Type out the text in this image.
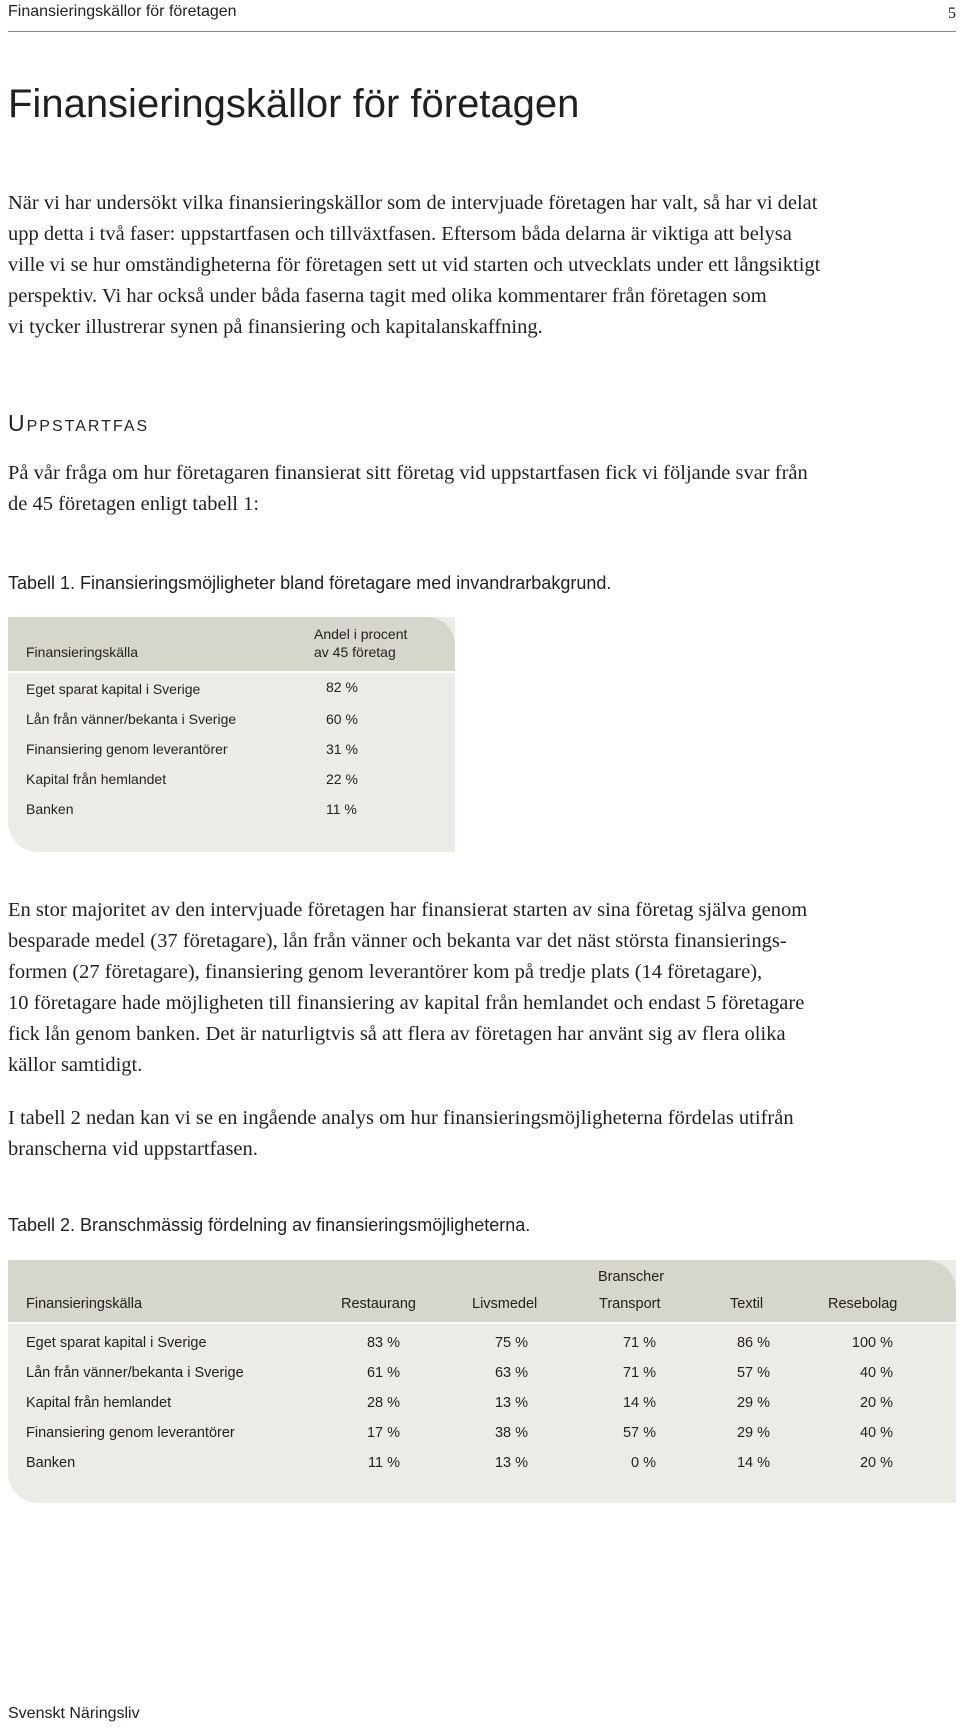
Finansieringskällor för företagen	5
Finansieringskällor för företagen

När vi har undersökt vilka finansieringskällor som de intervjuade företagen har valt, så har vi delat
upp detta i två faser: uppstartfasen och tillväxtfasen. Eftersom båda delarna är viktiga att belysa
ville vi se hur omständigheterna för företagen sett ut vid starten och utvecklats under ett långsiktigt
perspektiv. Vi har också under båda faserna tagit med olika kommentarer från företagen som
vi tycker illustrerar synen på finansiering och kapitalanskaffning.

Uppstartfas

På vår fråga om hur företagaren finansierat sitt företag vid uppstartfasen fick vi följande svar från
de 45 företagen enligt tabell 1:

Tabell 1. Finansieringsmöjligheter bland företagare med invandrarbakgrund.
Finansieringskälla
Andel i procent
av 45 företag
Eget sparat kapital i Sverige	82 %
Lån från vänner/bekanta i Sverige	60 %
Finansiering genom leverantörer	31 %
Kapital från hemlandet	22 %
Banken	11 %

En stor majoritet av den intervjuade företagen har finansierat starten av sina företag själva genom
besparade medel (37 företagare), lån från vänner och bekanta var det näst största finansierings-
formen (27 företagare), finansiering genom leverantörer kom på tredje plats (14 företagare),
10 företagare hade möjligheten till finansiering av kapital från hemlandet och endast 5 företagare
fick lån genom banken. Det är naturligtvis så att flera av företagen har använt sig av flera olika
källor samtidigt.

I tabell 2 nedan kan vi se en ingående analys om hur finansieringsmöjligheterna fördelas utifrån
branscherna vid uppstartfasen.

Tabell 2. Branschmässig fördelning av finansieringsmöjligheterna.
Branscher
Finansieringskälla	Restaurang	Livsmedel	Transport	Textil	Resebolag
Eget sparat kapital i Sverige	83 %	75 %	71 %	86 %	100 %
Lån från vänner/bekanta i Sverige	61 %	63 %	71 %	57 %	40 %
Kapital från hemlandet	28 %	13 %	14 %	29 %	20 %
Finansiering genom leverantörer	17 %	38 %	57 %	29 %	40 %
Banken	11 %	13 %	0 %	14 %	20 %
Svenskt Näringsliv
